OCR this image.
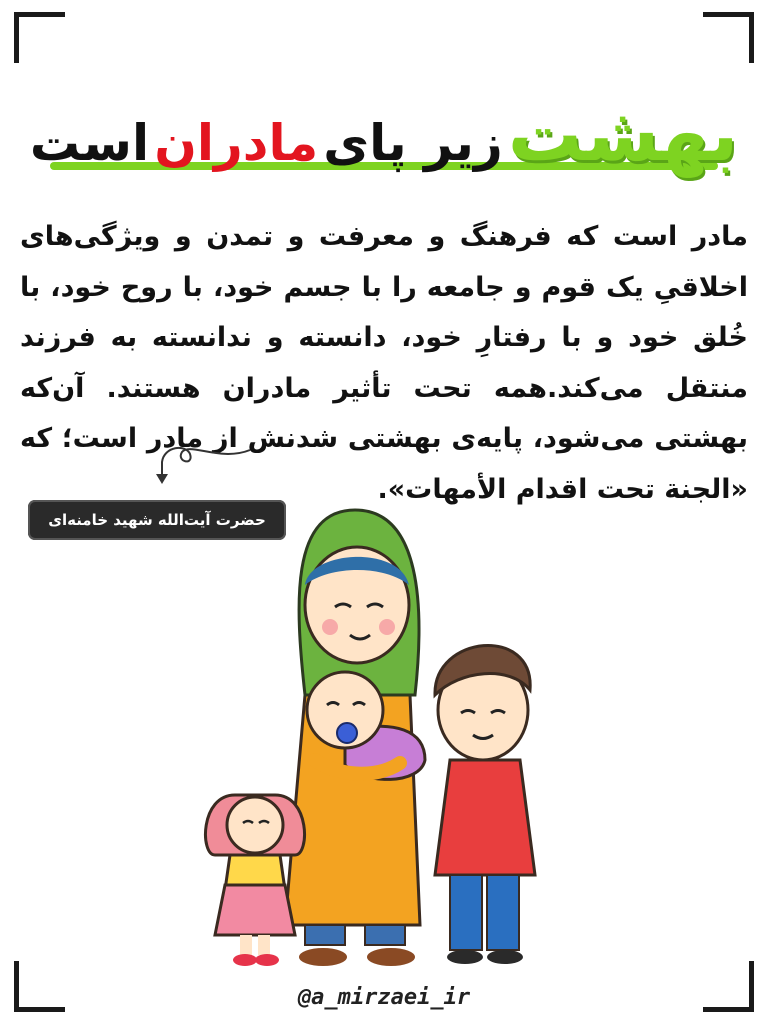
بهشت زیر پای مادران است
مادر است که فرهنگ و معرفت و تمدن و ویژگی‌های اخلاقیِ یک قوم و جامعه را با جسم خود، با روح خود، با خُلق خود و با رفتارِ خود، دانسته و ندانسته به فرزند منتقل می‌کند.همه تحت تأثیر مادران هستند. آن‌که بهشتی می‌شود، پایه‌ی بهشتی شدنش از مادر است؛ که «الجنة تحت اقدام الأمهات».
حضرت آیت‌الله شهید خامنه‌ای
@a_mirzaei_ir
